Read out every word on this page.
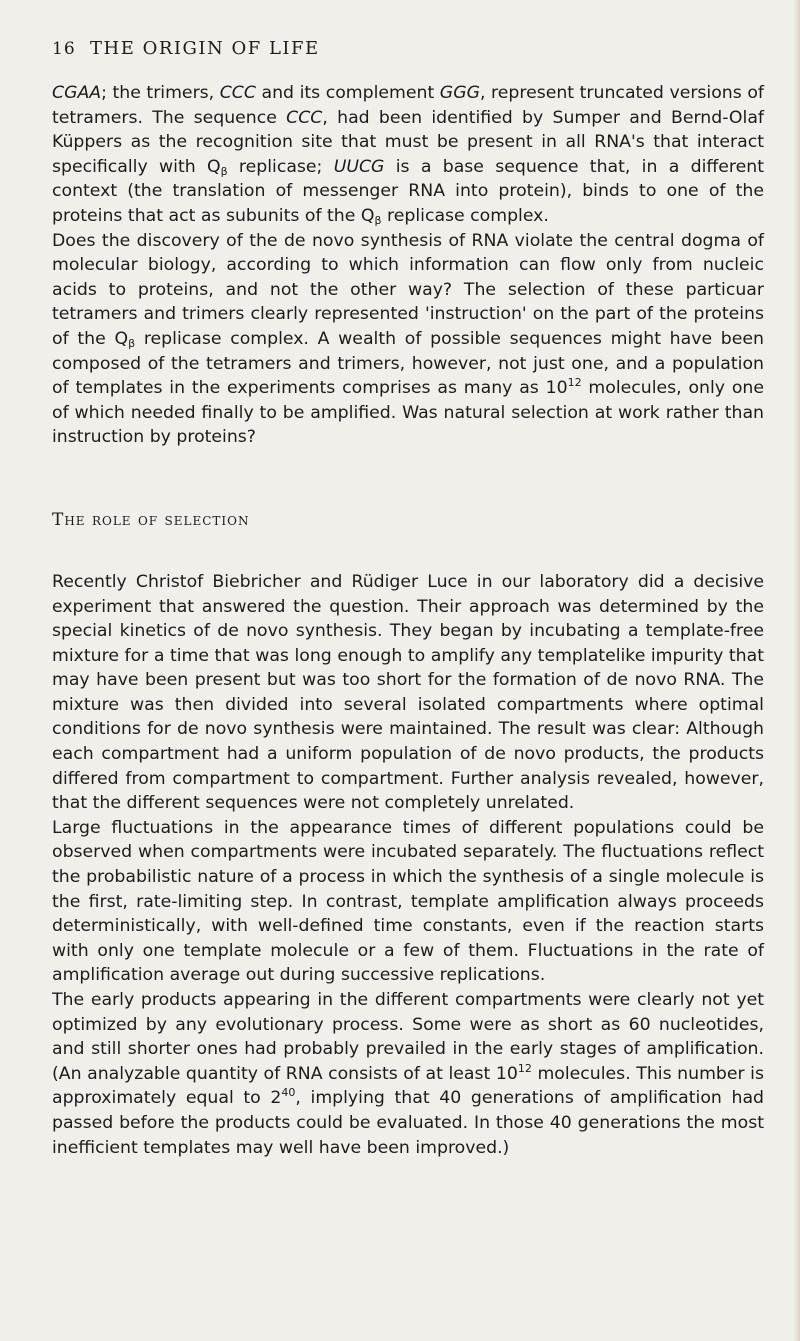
16 THE ORIGIN OF LIFE

CGAA; the trimers, CCC and its complement GGG, represent truncated versions of tetramers. The sequence CCC, had been identified by Sumper and Bernd-Olaf Küppers as the recognition site that must be present in all RNA's that interact specifically with $Q_\beta$ replicase; UUCG is a base sequence that, in a different context (the translation of messenger RNA into protein), binds to one of the proteins that act as subunits of the $Q_\beta$ replicase complex.

Does the discovery of the de novo synthesis of RNA violate the central dogma of molecular biology, according to which information can flow only from nucleic acids to proteins, and not the other way? The selection of these particuar tetramers and trimers clearly represented 'instruction' on the part of the proteins of the $Q_\beta$ replicase complex. A wealth of possible sequences might have been composed of the tetramers and trimers, however, not just one, and a population of templates in the experiments comprises as many as $10^{12}$ molecules, only one of which needed finally to be amplified. Was natural selection at work rather than instruction by proteins?

The role of selection

Recently Christof Biebricher and Rüdiger Luce in our laboratory did a decisive experiment that answered the question. Their approach was determined by the special kinetics of de novo synthesis. They began by incubating a template-free mixture for a time that was long enough to amplify any templatelike impurity that may have been present but was too short for the formation of de novo RNA. The mixture was then divided into several isolated compartments where optimal conditions for de novo synthesis were maintained. The result was clear: Although each compartment had a uniform population of de novo products, the products differed from compartment to compartment. Further analysis revealed, however, that the different sequences were not completely unrelated.

Large fluctuations in the appearance times of different populations could be observed when compartments were incubated separately. The fluctuations reflect the probabilistic nature of a process in which the synthesis of a single molecule is the first, rate-limiting step. In contrast, template amplification always proceeds deterministically, with well-defined time constants, even if the reaction starts with only one template molecule or a few of them. Fluctuations in the rate of amplification average out during successive replications.

The early products appearing in the different compartments were clearly not yet optimized by any evolutionary process. Some were as short as 60 nucleotides, and still shorter ones had probably prevailed in the early stages of amplification. (An analyzable quantity of RNA consists of at least $10^{12}$ molecules. This number is approximately equal to $2^{40}$, implying that 40 generations of amplification had passed before the products could be evaluated. In those 40 generations the most inefficient templates may well have been improved.)
